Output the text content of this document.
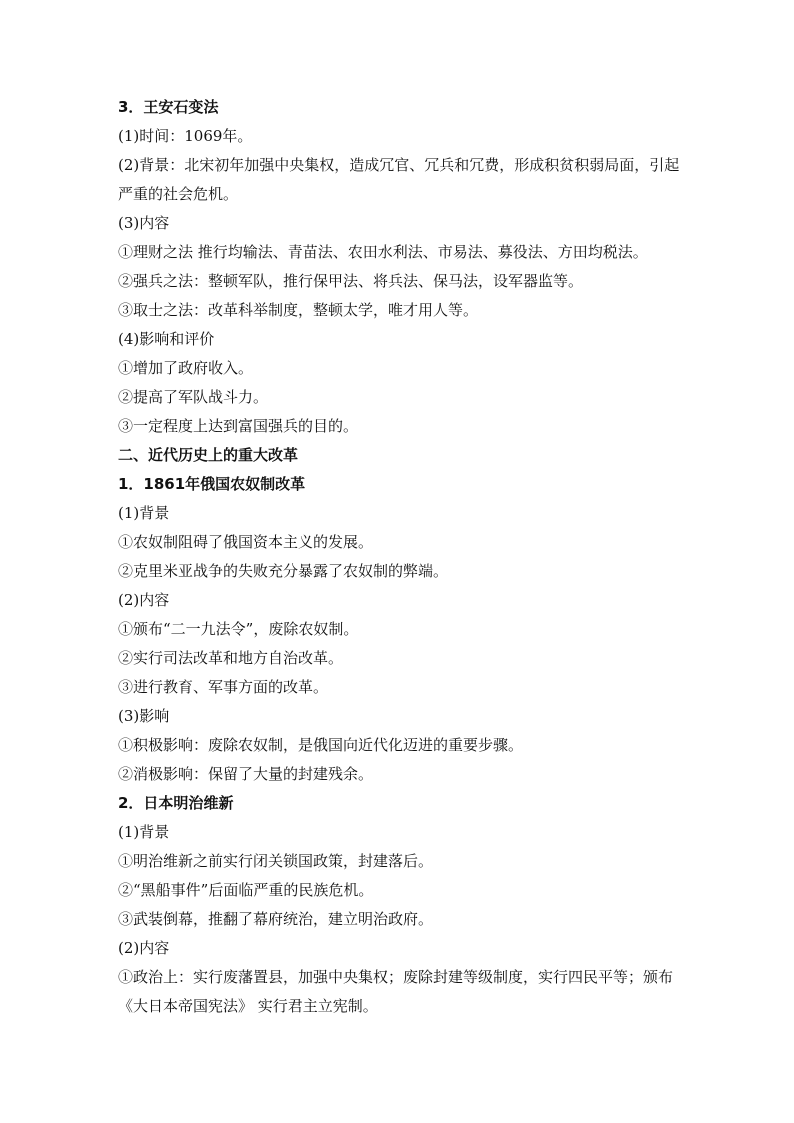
3．王安石变法

(1)时间：1069年。

(2)背景：北宋初年加强中央集权，造成冗官、冗兵和冗费，形成积贫积弱局面，引起严重的社会危机。

(3)内容

①理财之法 推行均输法、青苗法、农田水利法、市易法、募役法、方田均税法。

②强兵之法：整顿军队，推行保甲法、将兵法、保马法，设军器监等。

③取士之法：改革科举制度，整顿太学，唯才用人等。

(4)影响和评价

①增加了政府收入。

②提高了军队战斗力。

③一定程度上达到富国强兵的目的。

二、近代历史上的重大改革

1．1861年俄国农奴制改革

(1)背景

①农奴制阻碍了俄国资本主义的发展。

②克里米亚战争的失败充分暴露了农奴制的弊端。

(2)内容

①颁布“二一九法令”，废除农奴制。

②实行司法改革和地方自治改革。

③进行教育、军事方面的改革。

(3)影响

①积极影响：废除农奴制，是俄国向近代化迈进的重要步骤。

②消极影响：保留了大量的封建残余。

2．日本明治维新

(1)背景

①明治维新之前实行闭关锁国政策，封建落后。

②“黑船事件”后面临严重的民族危机。

③武装倒幕，推翻了幕府统治，建立明治政府。

(2)内容

①政治上：实行废藩置县，加强中央集权；废除封建等级制度，实行四民平等；颁布《大日本帝国宪法》 实行君主立宪制。
